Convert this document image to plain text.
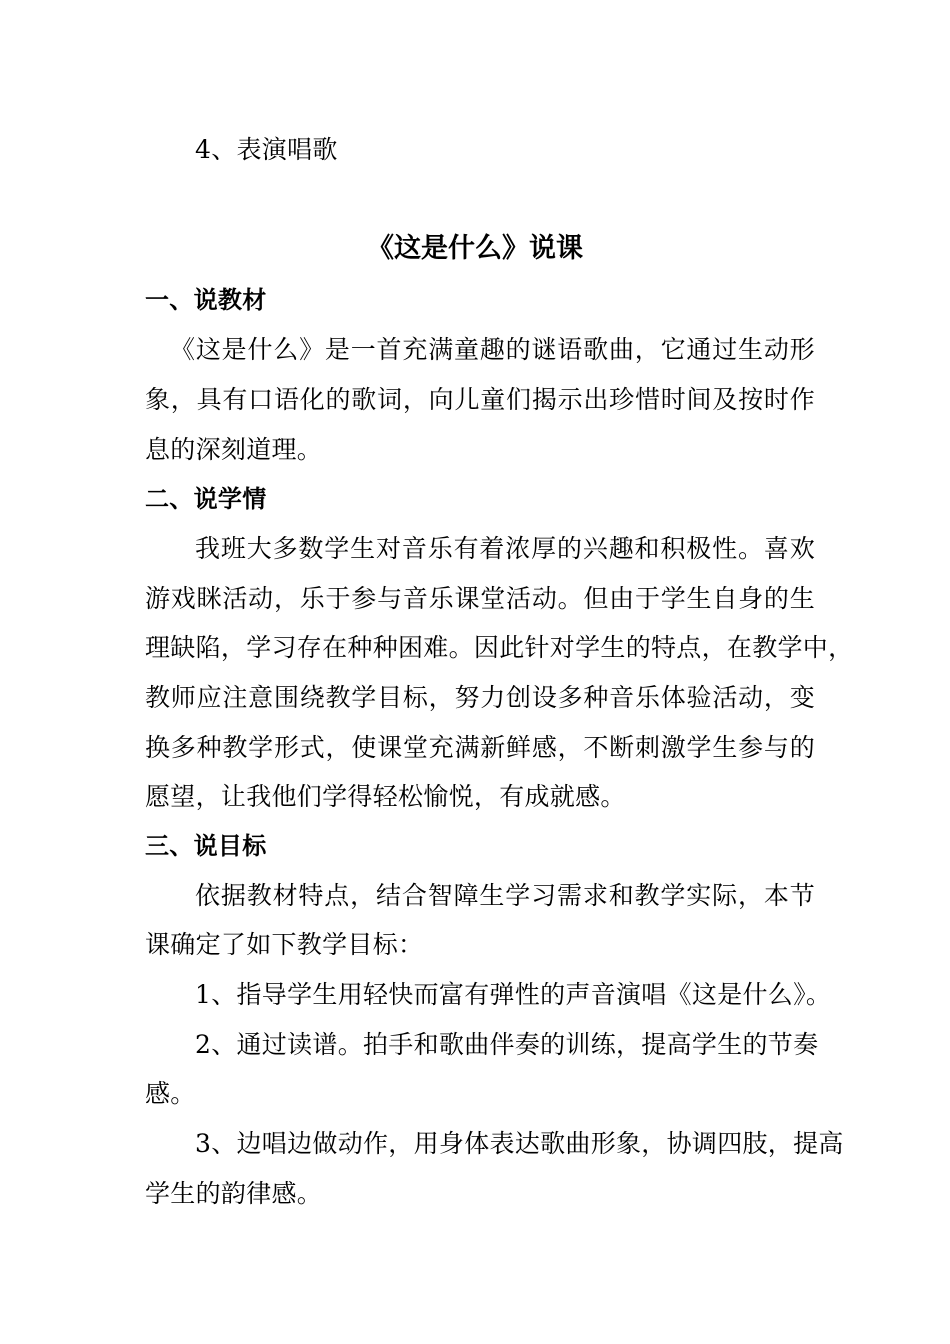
4、表演唱歌
《这是什么》说课
一、说教材
《这是什么》是一首充满童趣的谜语歌曲，它通过生动形
象，具有口语化的歌词，向儿童们揭示出珍惜时间及按时作
息的深刻道理。
二、说学情
我班大多数学生对音乐有着浓厚的兴趣和积极性。喜欢
游戏眯活动，乐于参与音乐课堂活动。但由于学生自身的生
理缺陷，学习存在种种困难。因此针对学生的特点，在教学中，
教师应注意围绕教学目标，努力创设多种音乐体验活动，变
换多种教学形式，使课堂充满新鲜感，不断刺激学生参与的
愿望，让我他们学得轻松愉悦，有成就感。
三、说目标
依据教材特点，结合智障生学习需求和教学实际，本节
课确定了如下教学目标：
1、指导学生用轻快而富有弹性的声音演唱《这是什么》。
2、通过读谱。拍手和歌曲伴奏的训练，提高学生的节奏
感。
3、边唱边做动作，用身体表达歌曲形象，协调四肢，提高
学生的韵律感。
